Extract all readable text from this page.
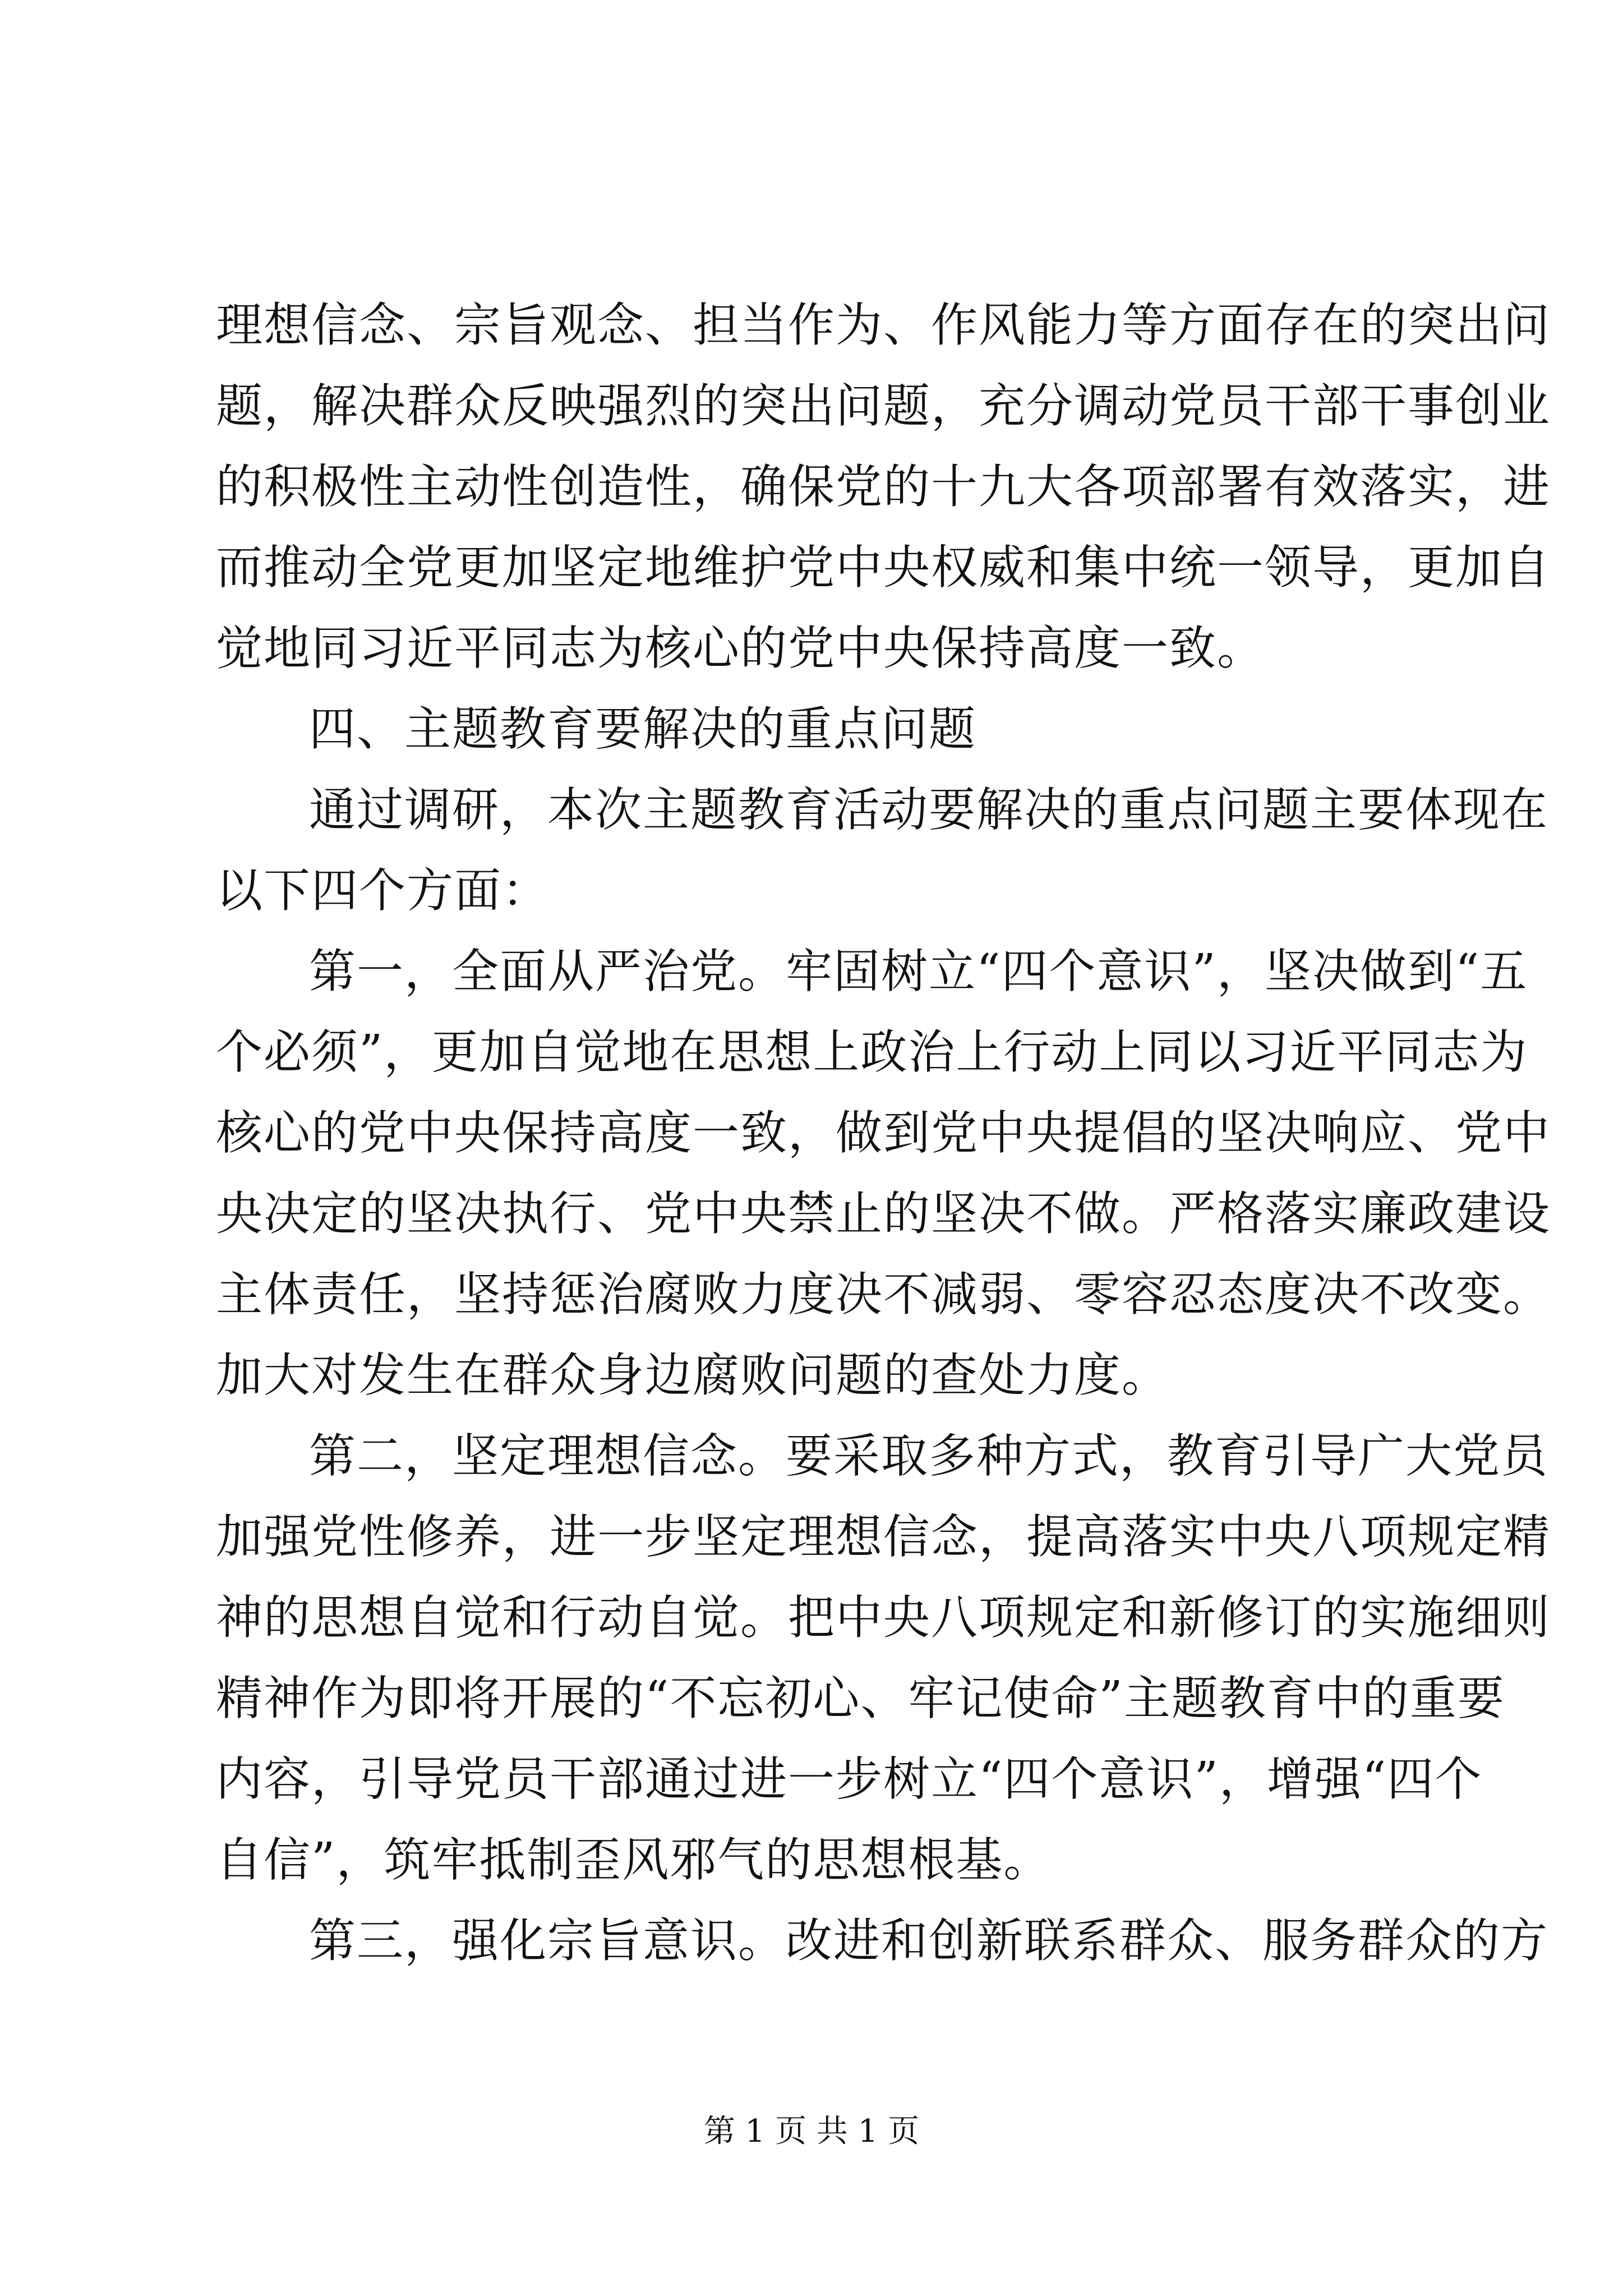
理想信念、宗旨观念、担当作为、作风能力等方面存在的突出问
题，解决群众反映强烈的突出问题，充分调动党员干部干事创业
的积极性主动性创造性，确保党的十九大各项部署有效落实，进
而推动全党更加坚定地维护党中央权威和集中统一领导，更加自
觉地同习近平同志为核心的党中央保持高度一致。
四、主题教育要解决的重点问题
通过调研，本次主题教育活动要解决的重点问题主要体现在
以下四个方面：
第一，全面从严治党。牢固树立“四个意识”，坚决做到“五
个必须”，更加自觉地在思想上政治上行动上同以习近平同志为
核心的党中央保持高度一致，做到党中央提倡的坚决响应、党中
央决定的坚决执行、党中央禁止的坚决不做。严格落实廉政建设
主体责任，坚持惩治腐败力度决不减弱、零容忍态度决不改变。
加大对发生在群众身边腐败问题的查处力度。
第二，坚定理想信念。要采取多种方式，教育引导广大党员
加强党性修养，进一步坚定理想信念，提高落实中央八项规定精
神的思想自觉和行动自觉。把中央八项规定和新修订的实施细则
精神作为即将开展的“不忘初心、牢记使命”主题教育中的重要
内容，引导党员干部通过进一步树立“四个意识”，增强“四个
自信”，筑牢抵制歪风邪气的思想根基。
第三，强化宗旨意识。改进和创新联系群众、服务群众的方
第 1 页 共 1 页
